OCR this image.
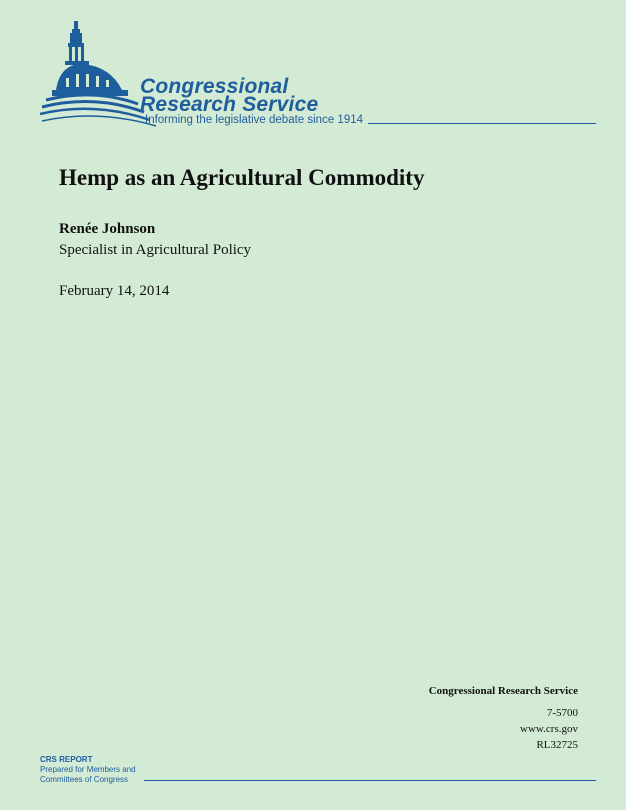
Congressional
Research Service
Informing the legislative debate since 1914
Hemp as an Agricultural Commodity
Renée Johnson
Specialist in Agricultural Policy
February 14, 2014
Congressional Research Service
7-5700
www.crs.gov
RL32725
CRS REPORT
Prepared for Members and
Committees of Congress
